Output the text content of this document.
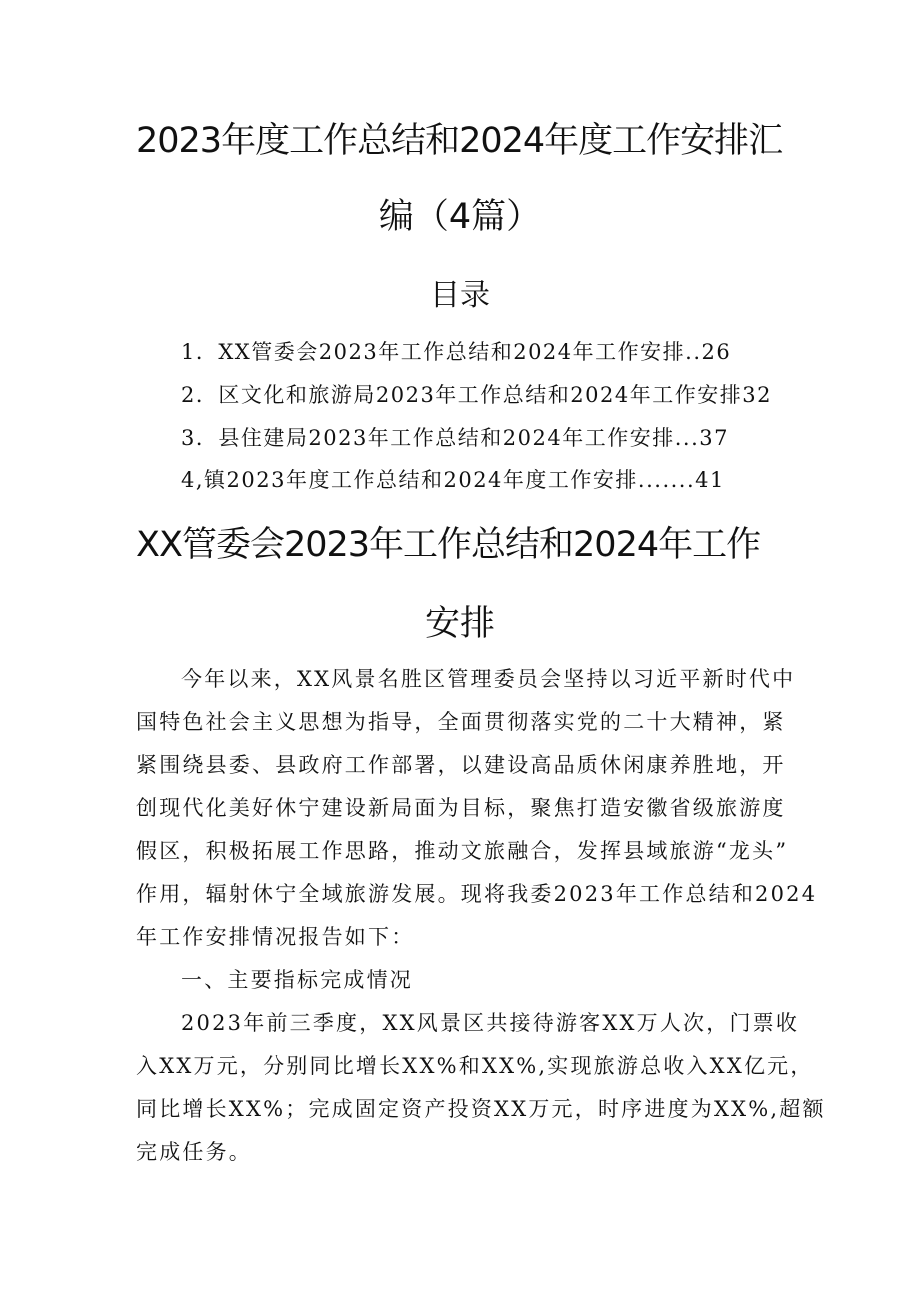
2023年度工作总结和2024年度工作安排汇
编（4篇）
目录
1．XX管委会2023年工作总结和2024年工作安排..26
2．区文化和旅游局2023年工作总结和2024年工作安排32
3．县住建局2023年工作总结和2024年工作安排...37
4,镇2023年度工作总结和2024年度工作安排.......41
XX管委会2023年工作总结和2024年工作
安排
今年以来，XX风景名胜区管理委员会坚持以习近平新时代中
国特色社会主义思想为指导，全面贯彻落实党的二十大精神，紧
紧围绕县委、县政府工作部署，以建设高品质休闲康养胜地，开
创现代化美好休宁建设新局面为目标，聚焦打造安徽省级旅游度
假区，积极拓展工作思路，推动文旅融合，发挥县域旅游“龙头”
作用，辐射休宁全域旅游发展。现将我委2023年工作总结和2024
年工作安排情况报告如下：
一、主要指标完成情况
2023年前三季度，XX风景区共接待游客XX万人次，门票收
入XX万元，分别同比增长XX%和XX%,实现旅游总收入XX亿元，
同比增长XX%；完成固定资产投资XX万元，时序进度为XX%,超额
完成任务。
